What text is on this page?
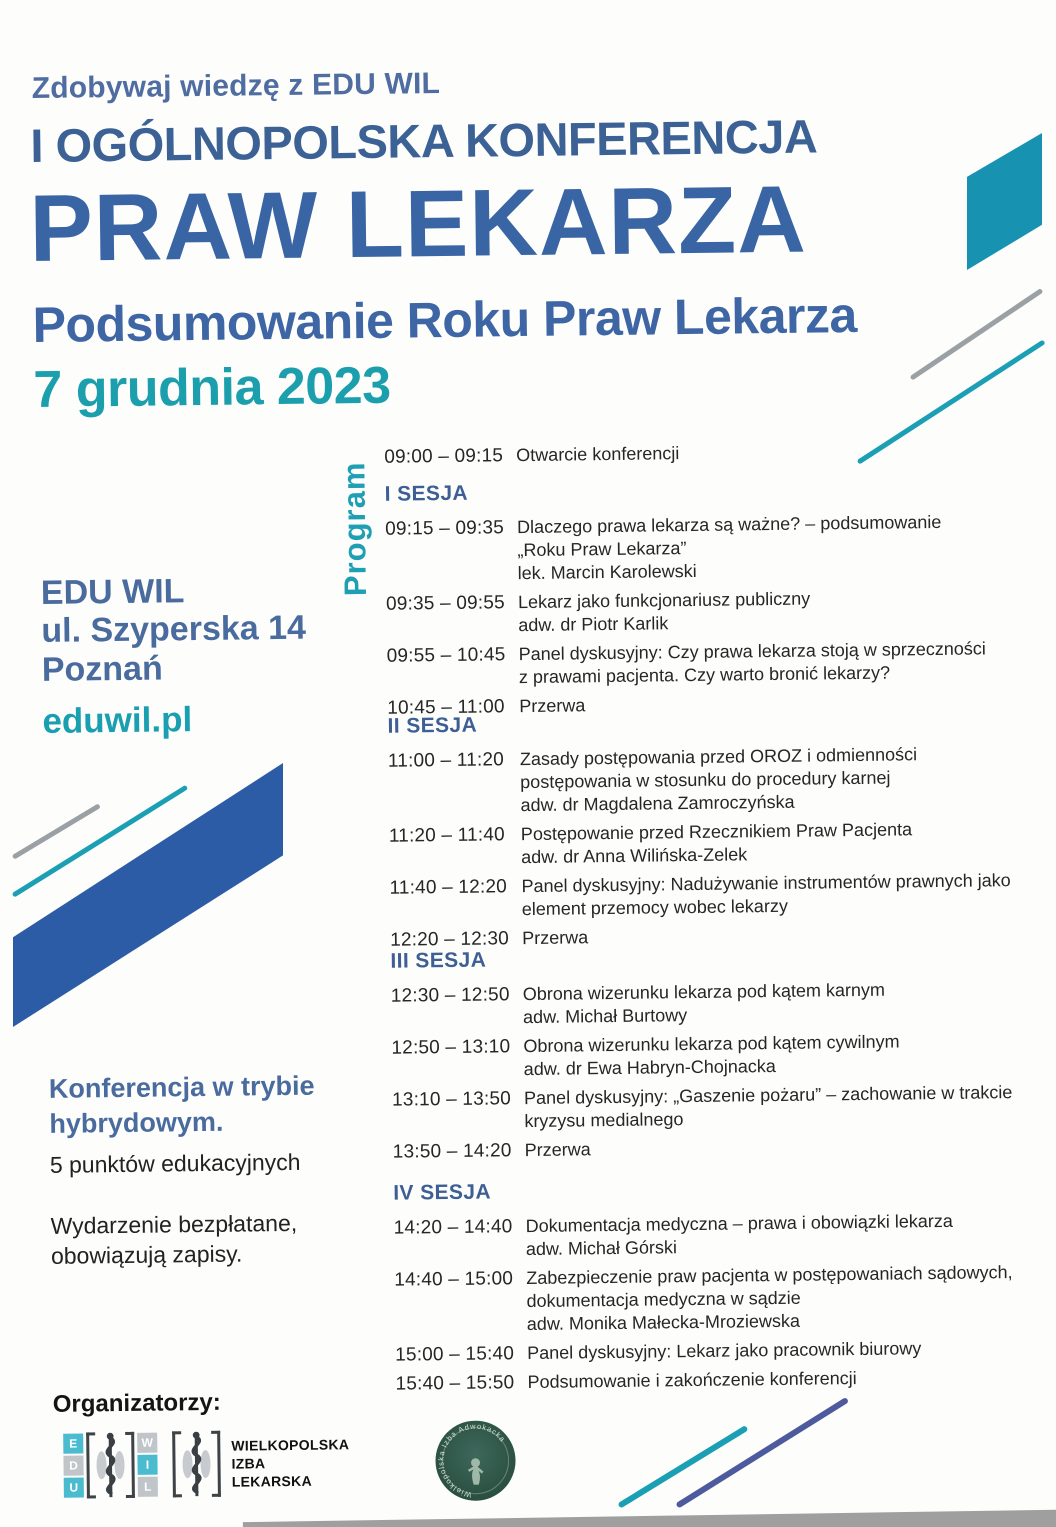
Zdobywaj wiedzę z EDU WIL
I OGÓLNOPOLSKA KONFERENCJA
PRAW LEKARZA
Podsumowanie Roku Praw Lekarza
7 grudnia 2023
EDU WIL
ul. Szyperska 14
Poznań
eduwil.pl
Konferencja w trybie
hybrydowym.
5 punktów edukacyjnych
Wydarzenie bezpłatane,
obowiązują zapisy.
Program
09:00 – 09:15 Otwarcie konferencji
I SESJA
09:15 – 09:35 Dlaczego prawa lekarza są ważne? – podsumowanie
„Roku Praw Lekarza”
lek. Marcin Karolewski
09:35 – 09:55 Lekarz jako funkcjonariusz publiczny
adw. dr Piotr Karlik
09:55 – 10:45 Panel dyskusyjny: Czy prawa lekarza stoją w sprzeczności
z prawami pacjenta. Czy warto bronić lekarzy?
10:45 – 11:00 Przerwa
II SESJA
11:00 – 11:20 Zasady postępowania przed OROZ i odmienności
postępowania w stosunku do procedury karnej
adw. dr Magdalena Zamroczyńska
11:20 – 11:40 Postępowanie przed Rzecznikiem Praw Pacjenta
adw. dr Anna Wilińska-Zelek
11:40 – 12:20 Panel dyskusyjny: Nadużywanie instrumentów prawnych jako
element przemocy wobec lekarzy
12:20 – 12:30 Przerwa
III SESJA
12:30 – 12:50 Obrona wizerunku lekarza pod kątem karnym
adw. Michał Burtowy
12:50 – 13:10 Obrona wizerunku lekarza pod kątem cywilnym
adw. dr Ewa Habryn-Chojnacka
13:10 – 13:50 Panel dyskusyjny: „Gaszenie pożaru” – zachowanie w trakcie
kryzysu medialnego
13:50 – 14:20 Przerwa
IV SESJA
14:20 – 14:40 Dokumentacja medyczna – prawa i obowiązki lekarza
adw. Michał Górski
14:40 – 15:00 Zabezpieczenie praw pacjenta w postępowaniach sądowych,
dokumentacja medyczna w sądzie
adw. Monika Małecka-Mroziewska
15:00 – 15:40 Panel dyskusyjny: Lekarz jako pracownik biurowy
15:40 – 15:50 Podsumowanie i zakończenie konferencji
Organizatorzy:
E
D
U
W
I
L
WIELKOPOLSKA
IZBA
LEKARSKA
Wielkopolska Izba Adwokacka
